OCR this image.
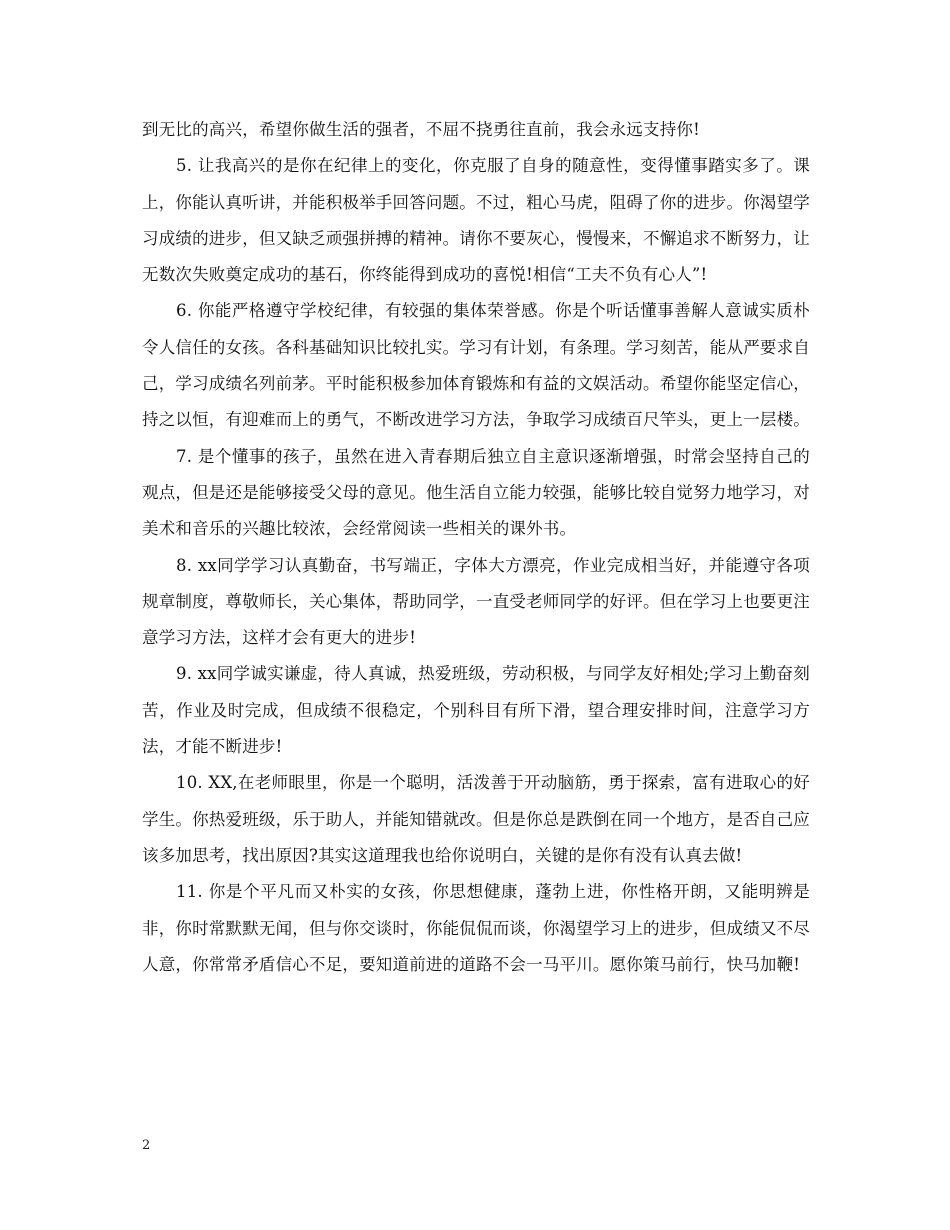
到无比的高兴，希望你做生活的强者，不屈不挠勇往直前，我会永远支持你!

5. 让我高兴的是你在纪律上的变化，你克服了自身的随意性，变得懂事踏实多了。课上，你能认真听讲，并能积极举手回答问题。不过，粗心马虎，阻碍了你的进步。你渴望学习成绩的进步，但又缺乏顽强拼搏的精神。请你不要灰心，慢慢来，不懈追求不断努力，让无数次失败奠定成功的基石，你终能得到成功的喜悦!相信“工夫不负有心人”!

6. 你能严格遵守学校纪律，有较强的集体荣誉感。你是个听话懂事善解人意诚实质朴令人信任的女孩。各科基础知识比较扎实。学习有计划，有条理。学习刻苦，能从严要求自己，学习成绩名列前茅。平时能积极参加体育锻炼和有益的文娱活动。希望你能坚定信心，持之以恒，有迎难而上的勇气，不断改进学习方法，争取学习成绩百尺竿头，更上一层楼。

7. 是个懂事的孩子，虽然在进入青春期后独立自主意识逐渐增强，时常会坚持自己的观点，但是还是能够接受父母的意见。他生活自立能力较强，能够比较自觉努力地学习，对美术和音乐的兴趣比较浓，会经常阅读一些相关的课外书。

8. xx同学学习认真勤奋，书写端正，字体大方漂亮，作业完成相当好，并能遵守各项规章制度，尊敬师长，关心集体，帮助同学，一直受老师同学的好评。但在学习上也要更注意学习方法，这样才会有更大的进步!

9. xx同学诚实谦虚，待人真诚，热爱班级，劳动积极，与同学友好相处;学习上勤奋刻苦，作业及时完成，但成绩不很稳定，个别科目有所下滑，望合理安排时间，注意学习方法，才能不断进步!

10. XX,在老师眼里，你是一个聪明，活泼善于开动脑筋，勇于探索，富有进取心的好学生。你热爱班级，乐于助人，并能知错就改。但是你总是跌倒在同一个地方，是否自己应该多加思考，找出原因?其实这道理我也给你说明白，关键的是你有没有认真去做!

11. 你是个平凡而又朴实的女孩，你思想健康，蓬勃上进，你性格开朗，又能明辨是非，你时常默默无闻，但与你交谈时，你能侃侃而谈，你渴望学习上的进步，但成绩又不尽人意，你常常矛盾信心不足，要知道前进的道路不会一马平川。愿你策马前行，快马加鞭!

2
